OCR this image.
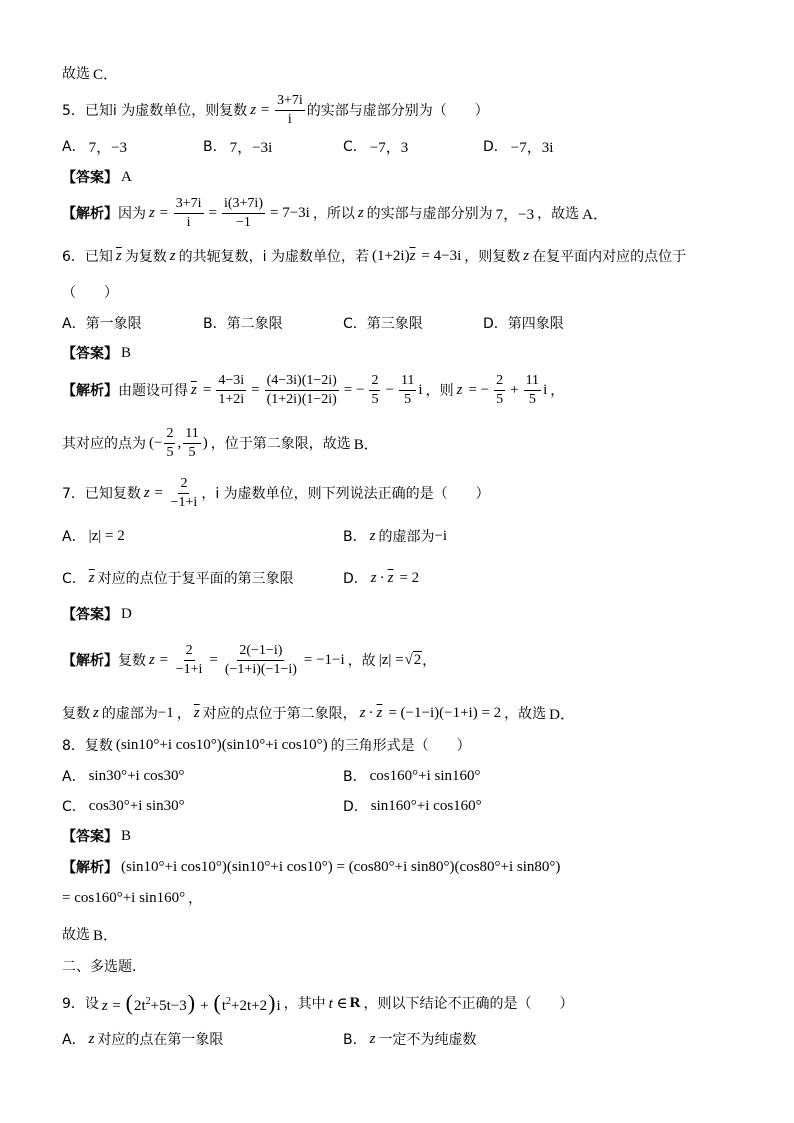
故选 C．
5．已知i 为虚数单位，则复数 $z = \frac{3+7i}{i}$ 的实部与虚部分别为（　　）
A． 7，−3	B． 7，−3i	C． −7，3	D． −7，3i
【答案】 A
【解析】 因为 $z = \frac{3+7i}{i} = \frac{i(3+7i)}{-1} = 7-3i$ ，所以 z 的实部与虚部分别为 7，−3 ，故选 A．
6．已知 $\overline{z}$ 为复数 z 的共轭复数，i 为虚数单位，若 (1+2i) $\overline{z} = 4-3i$ ，则复数 z 在复平面内对应的点位于
（　　）
A． 第一象限	B． 第二象限	C． 第三象限	D． 第四象限
【答案】 B
【解析】 由题设可得 $\overline{z} = \frac{4-3i}{1+2i} = \frac{(4-3i)(1-2i)}{(1+2i)(1-2i)}$ = − $\frac{2}{5} - \frac{11}{5}$ i ，则 z = − $\frac{2}{5} + \frac{11}{5}$ i ，
其对应的点为 (− $\frac{2}{5}$ , $\frac{11}{5}$ ) ，位于第二象限，故选 B．
7．已知复数 $z = \frac{2}{-1+i}$ ，i 为虚数单位，则下列说法正确的是（　　）
A． |z| = 2	B． z 的虚部为 −i
C． $\overline{z}$ 对应的点位于复平面的第三象限	D． $z \cdot \overline{z} = 2$
【答案】 D
【解析】 复数 $z = \frac{2}{-1+i} = \frac{2(-1-i)}{(-1+i)(-1-i)} = -1-i$ ，故 |z| = √2 ，
复数 z 的虚部为 −1 ， $\overline{z}$ 对应的点位于第二象限， $z \cdot \overline{z} = (-1-i)(-1+i) = 2$ ，故选 D．
8．复数 (sin10°+i cos10°)(sin10°+i cos10°) 的三角形式是（　　）
A． sin30°+i cos30°	B． cos160°+i sin160°
C． cos30°+i sin30°	D． sin160°+i cos160°
【答案】 B
【解析】 (sin10°+i cos10°)(sin10°+i cos10°) = (cos80°+i sin80°)(cos80°+i sin80°)
= cos160°+i sin160° ，
故选 B．
二、多选题．
9．设 $z = (2t^2+5t-3) + (t^2+2t+2)i$ ，其中 t ∈ R ，则以下结论不正确的是（　　）
A． z 对应的点在第一象限	B． z 一定不为纯虚数
